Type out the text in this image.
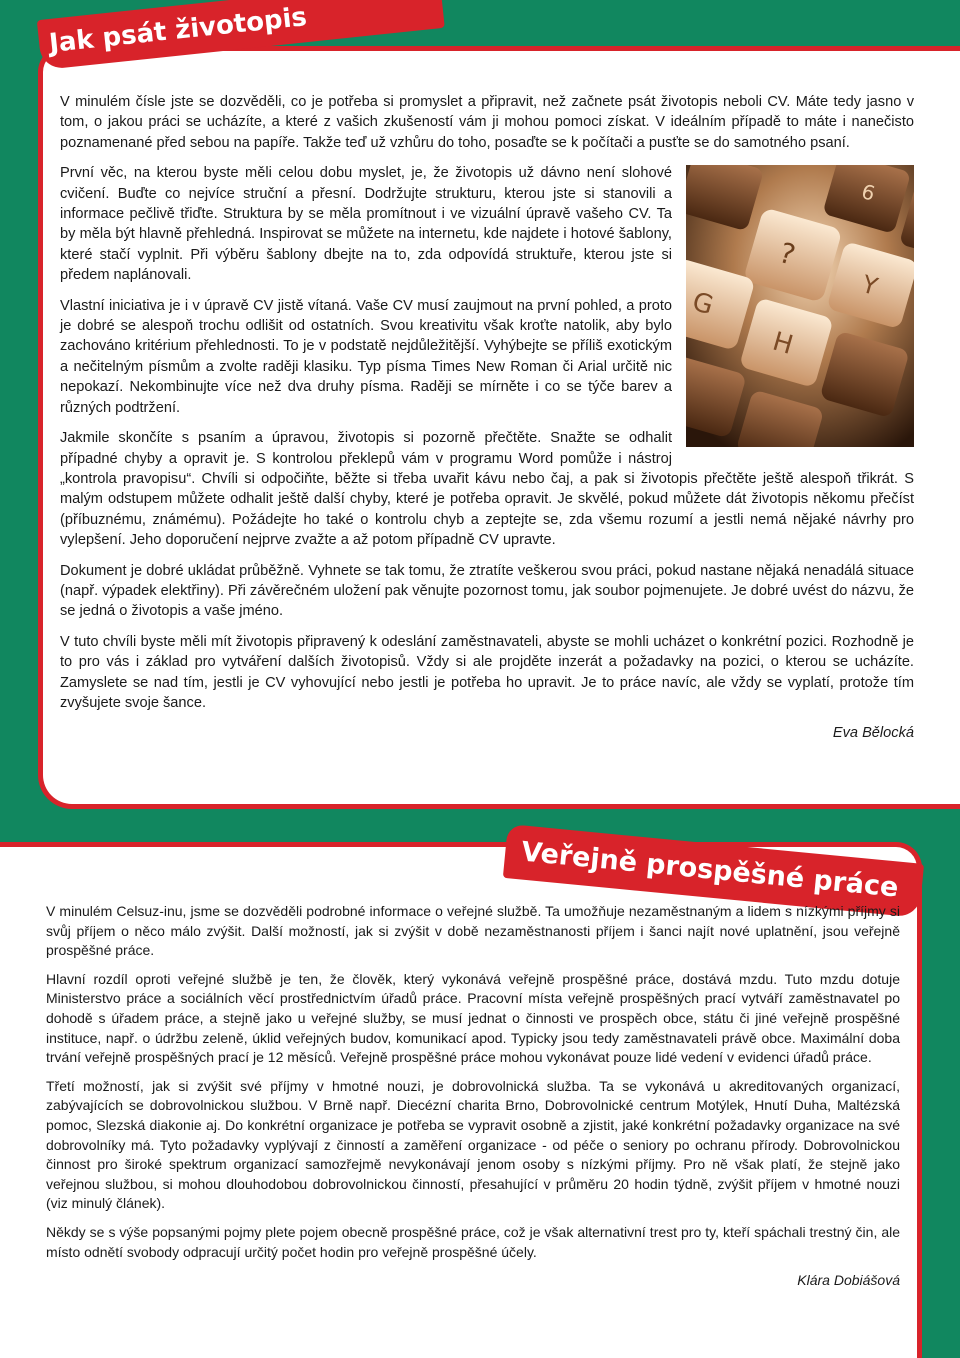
Jak psát životopis

V minulém čísle jste se dozvěděli, co je potřeba si promyslet a připravit, než začnete psát životopis neboli CV. Máte tedy jasno v tom, o jakou práci se ucházíte, a které z vašich zkušeností vám ji mohou pomoci získat. V ideálním případě to máte i nanečisto poznamenané před sebou na papíře. Takže teď už vzhůru do toho, posaďte se k počítači a pusťte se do samotného psaní.

6
?
Y
G
H

První věc, na kterou byste měli celou dobu myslet, je, že životopis už dávno není slohové cvičení. Buďte co nejvíce struční a přesní. Dodržujte strukturu, kterou jste si stanovili a informace pečlivě třiďte. Struktura by se měla promítnout i ve vizuální úpravě vašeho CV. Ta by měla být hlavně přehledná. Inspirovat se můžete na internetu, kde najdete i hotové šablony, které stačí vyplnit. Při výběru šablony dbejte na to, zda odpovídá struktuře, kterou jste si předem naplánovali.

Vlastní iniciativa je i v úpravě CV jistě vítaná. Vaše CV musí zaujmout na první pohled, a proto je dobré se alespoň trochu odlišit od ostatních. Svou kreativitu však kroťte natolik, aby bylo zachováno kritérium přehlednosti. To je v podstatě nejdůležitější. Vyhýbejte se příliš exotickým a nečitelným písmům a zvolte raději klasiku. Typ písma Times New Roman či Arial určitě nic nepokazí. Nekombinujte více než dva druhy písma. Raději se mírněte i co se týče barev a různých podtržení.

Jakmile skončíte s psaním a úpravou, životopis si pozorně přečtěte. Snažte se odhalit případné chyby a opravit je. S kontrolou překlepů vám v programu Word pomůže i nástroj „kontrola pravopisu“. Chvíli si odpočiňte, běžte si třeba uvařit kávu nebo čaj, a pak si životopis přečtěte ještě alespoň třikrát. S malým odstupem můžete odhalit ještě další chyby, které je potřeba opravit. Je skvělé, pokud můžete dát životopis někomu přečíst (příbuznému, známému). Požádejte ho také o kontrolu chyb a zeptejte se, zda všemu rozumí a jestli nemá nějaké návrhy pro vylepšení. Jeho doporučení nejprve zvažte a až potom případně CV upravte.

Dokument je dobré ukládat průběžně. Vyhnete se tak tomu, že ztratíte veškerou svou práci, pokud nastane nějaká nenadálá situace (např. výpadek elektřiny). Při závěrečném uložení pak věnujte pozornost tomu, jak soubor pojmenujete. Je dobré uvést do názvu, že se jedná o životopis a vaše jméno.

V tuto chvíli byste měli mít životopis připravený k odeslání zaměstnavateli, abyste se mohli ucházet o konkrétní pozici. Rozhodně je to pro vás i základ pro vytváření dalších životopisů. Vždy si ale projděte inzerát a požadavky na pozici, o kterou se ucházíte. Zamyslete se nad tím, jestli je CV vyhovující nebo jestli je potřeba ho upravit. Je to práce navíc, ale vždy se vyplatí, protože tím zvyšujete svoje šance.

Eva Bělocká
Veřejně prospěšné práce

V minulém Celsuz-inu, jsme se dozvěděli podrobné informace o veřejné službě. Ta umožňuje nezaměstnaným a lidem s nízkými příjmy si svůj příjem o něco málo zvýšit. Další možností, jak si zvýšit v době nezaměstnanosti příjem i šanci najít nové uplatnění, jsou veřejně prospěšné práce.

Hlavní rozdíl oproti veřejné službě je ten, že člověk, který vykonává veřejně prospěšné práce, dostává mzdu. Tuto mzdu dotuje Ministerstvo práce a sociálních věcí prostřednictvím úřadů práce. Pracovní místa veřejně prospěšných prací vytváří zaměstnavatel po dohodě s úřadem práce, a stejně jako u veřejné služby, se musí jednat o činnosti ve prospěch obce, státu či jiné veřejně prospěšné instituce, např. o údržbu zeleně, úklid veřejných budov, komunikací apod. Typicky jsou tedy zaměstnavateli právě obce. Maximální doba trvání veřejně prospěšných prací je 12 měsíců. Veřejně prospěšné práce mohou vykonávat pouze lidé vedení v evidenci úřadů práce.

Třetí možností, jak si zvýšit své příjmy v hmotné nouzi, je dobrovolnická služba. Ta se vykonává u akreditovaných organizací, zabývajících se dobrovolnickou službou. V Brně např. Diecézní charita Brno, Dobrovolnické centrum Motýlek, Hnutí Duha, Maltézská pomoc, Slezská diakonie aj. Do konkrétní organizace je potřeba se vypravit osobně a zjistit, jaké konkrétní požadavky organizace na své dobrovolníky má. Tyto požadavky vyplývají z činností a zaměření organizace - od péče o seniory po ochranu přírody. Dobrovolnickou činnost pro široké spektrum organizací samozřejmě nevykonávají jenom osoby s nízkými příjmy. Pro ně však platí, že stejně jako veřejnou službou, si mohou dlouhodobou dobrovolnickou činností, přesahující v průměru 20 hodin týdně, zvýšit příjem v hmotné nouzi (viz minulý článek).

Někdy se s výše popsanými pojmy plete pojem obecně prospěšné práce, což je však alternativní trest pro ty, kteří spáchali trestný čin, ale místo odnětí svobody odpracují určitý počet hodin pro veřejně prospěšné účely.

Klára Dobiášová
